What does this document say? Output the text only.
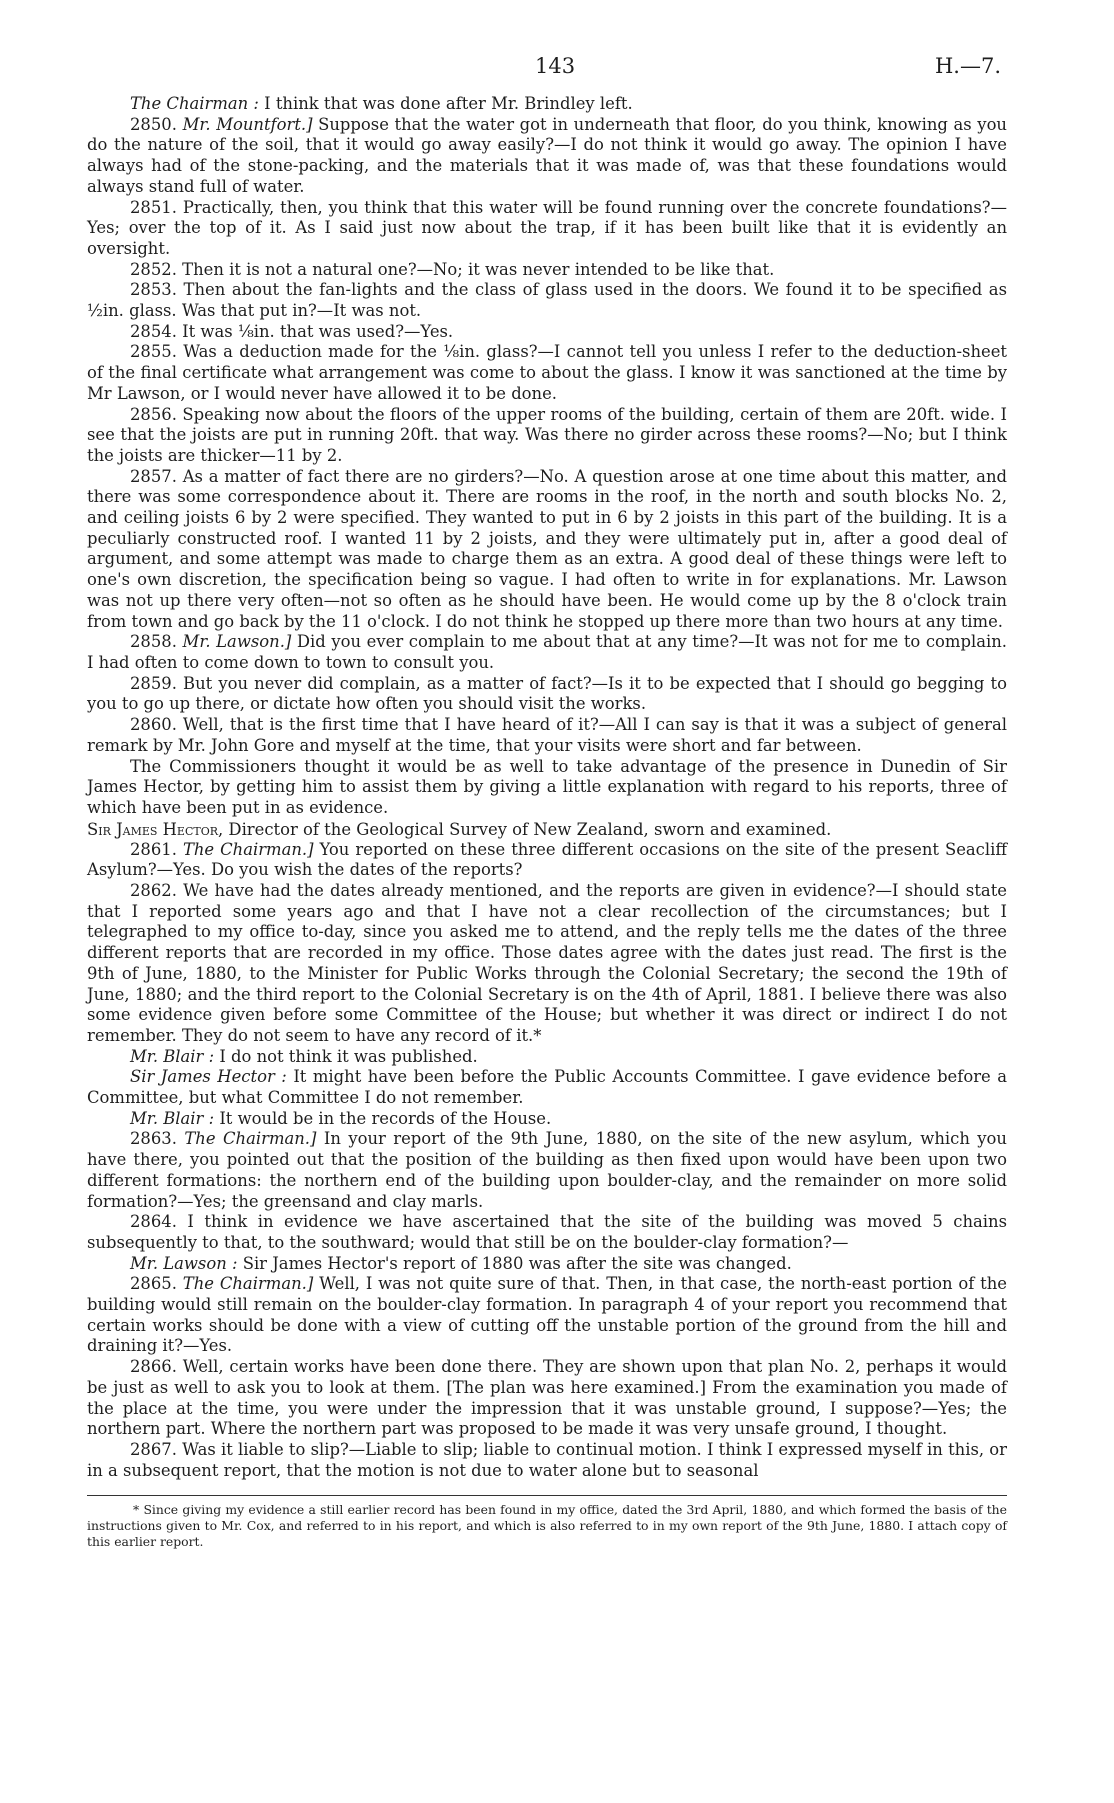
143	H.—7.

The Chairman : I think that was done after Mr. Brindley left.

2850. Mr. Mountfort.] Suppose that the water got in underneath that floor, do you think, knowing as you do the nature of the soil, that it would go away easily?—I do not think it would go away. The opinion I have always had of the stone-packing, and the materials that it was made of, was that these foundations would always stand full of water.

2851. Practically, then, you think that this water will be found running over the concrete foundations?—Yes; over the top of it. As I said just now about the trap, if it has been built like that it is evidently an oversight.

2852. Then it is not a natural one?—No; it was never intended to be like that.

2853. Then about the fan-lights and the class of glass used in the doors. We found it to be specified as ½in. glass. Was that put in?—It was not.

2854. It was ⅛in. that was used?—Yes.

2855. Was a deduction made for the ⅛in. glass?—I cannot tell you unless I refer to the deduction-sheet of the final certificate what arrangement was come to about the glass. I know it was sanctioned at the time by Mr Lawson, or I would never have allowed it to be done.

2856. Speaking now about the floors of the upper rooms of the building, certain of them are 20ft. wide. I see that the joists are put in running 20ft. that way. Was there no girder across these rooms?—No; but I think the joists are thicker—11 by 2.

2857. As a matter of fact there are no girders?—No. A question arose at one time about this matter, and there was some correspondence about it. There are rooms in the roof, in the north and south blocks No. 2, and ceiling joists 6 by 2 were specified. They wanted to put in 6 by 2 joists in this part of the building. It is a peculiarly constructed roof. I wanted 11 by 2 joists, and they were ultimately put in, after a good deal of argument, and some attempt was made to charge them as an extra. A good deal of these things were left to one's own discretion, the specification being so vague. I had often to write in for explanations. Mr. Lawson was not up there very often—not so often as he should have been. He would come up by the 8 o'clock train from town and go back by the 11 o'clock. I do not think he stopped up there more than two hours at any time.

2858. Mr. Lawson.] Did you ever complain to me about that at any time?—It was not for me to complain. I had often to come down to town to consult you.

2859. But you never did complain, as a matter of fact?—Is it to be expected that I should go begging to you to go up there, or dictate how often you should visit the works.

2860. Well, that is the first time that I have heard of it?—All I can say is that it was a subject of general remark by Mr. John Gore and myself at the time, that your visits were short and far between.

The Commissioners thought it would be as well to take advantage of the presence in Dunedin of Sir James Hector, by getting him to assist them by giving a little explanation with regard to his reports, three of which have been put in as evidence.

Sir James Hector, Director of the Geological Survey of New Zealand, sworn and examined.

2861. The Chairman.] You reported on these three different occasions on the site of the present Seacliff Asylum?—Yes. Do you wish the dates of the reports?

2862. We have had the dates already mentioned, and the reports are given in evidence?—I should state that I reported some years ago and that I have not a clear recollection of the circumstances; but I telegraphed to my office to-day, since you asked me to attend, and the reply tells me the dates of the three different reports that are recorded in my office. Those dates agree with the dates just read. The first is the 9th of June, 1880, to the Minister for Public Works through the Colonial Secretary; the second the 19th of June, 1880; and the third report to the Colonial Secretary is on the 4th of April, 1881. I believe there was also some evidence given before some Committee of the House; but whether it was direct or indirect I do not remember. They do not seem to have any record of it.*

Mr. Blair : I do not think it was published.

Sir James Hector : It might have been before the Public Accounts Committee. I gave evidence before a Committee, but what Committee I do not remember.

Mr. Blair : It would be in the records of the House.

2863. The Chairman.] In your report of the 9th June, 1880, on the site of the new asylum, which you have there, you pointed out that the position of the building as then fixed upon would have been upon two different formations: the northern end of the building upon boulder-clay, and the remainder on more solid formation?—Yes; the greensand and clay marls.

2864. I think in evidence we have ascertained that the site of the building was moved 5 chains subsequently to that, to the southward; would that still be on the boulder-clay formation?—

Mr. Lawson : Sir James Hector's report of 1880 was after the site was changed.

2865. The Chairman.] Well, I was not quite sure of that. Then, in that case, the north-east portion of the building would still remain on the boulder-clay formation. In paragraph 4 of your report you recommend that certain works should be done with a view of cutting off the unstable portion of the ground from the hill and draining it?—Yes.

2866. Well, certain works have been done there. They are shown upon that plan No. 2, perhaps it would be just as well to ask you to look at them. [The plan was here examined.] From the examination you made of the place at the time, you were under the impression that it was unstable ground, I suppose?—Yes; the northern part. Where the northern part was proposed to be made it was very unsafe ground, I thought.

2867. Was it liable to slip?—Liable to slip; liable to continual motion. I think I expressed myself in this, or in a subsequent report, that the motion is not due to water alone but to seasonal

* Since giving my evidence a still earlier record has been found in my office, dated the 3rd April, 1880, and which formed the basis of the instructions given to Mr. Cox, and referred to in his report, and which is also referred to in my own report of the 9th June, 1880. I attach copy of this earlier report.
